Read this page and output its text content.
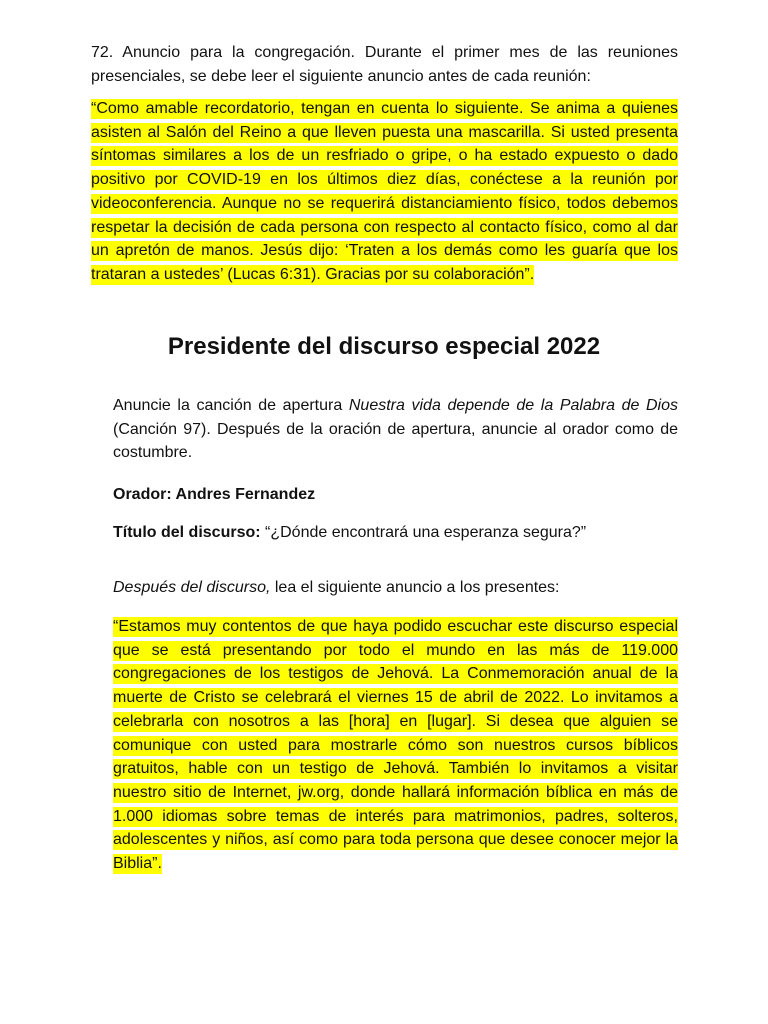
72. Anuncio para la congregación. Durante el primer mes de las reuniones presenciales, se debe leer el siguiente anuncio antes de cada reunión:

“Como amable recordatorio, tengan en cuenta lo siguiente. Se anima a quienes asisten al Salón del Reino a que lleven puesta una mascarilla. Si usted presenta síntomas similares a los de un resfriado o gripe, o ha estado expuesto o dado positivo por COVID-19 en los últimos diez días, conéctese a la reunión por videoconferencia. Aunque no se requerirá distanciamiento físico, todos debemos respetar la decisión de cada persona con respecto al contacto físico, como al dar un apretón de manos. Jesús dijo: ‘Traten a los demás como les guaría que los trataran a ustedes’ (Lucas 6:31). Gracias por su colaboración”.

Presidente del discurso especial 2022

Anuncie la canción de apertura Nuestra vida depende de la Palabra de Dios (Canción 97). Después de la oración de apertura, anuncie al orador como de costumbre.

Orador: Andres Fernandez

Título del discurso: “¿Dónde encontrará una esperanza segura?”

Después del discurso, lea el siguiente anuncio a los presentes:

“Estamos muy contentos de que haya podido escuchar este discurso especial que se está presentando por todo el mundo en las más de 119.000 congregaciones de los testigos de Jehová. La Conmemoración anual de la muerte de Cristo se celebrará el viernes 15 de abril de 2022. Lo invitamos a celebrarla con nosotros a las [hora] en [lugar]. Si desea que alguien se comunique con usted para mostrarle cómo son nuestros cursos bíblicos gratuitos, hable con un testigo de Jehová. También lo invitamos a visitar nuestro sitio de Internet, jw.org, donde hallará información bíblica en más de 1.000 idiomas sobre temas de interés para matrimonios, padres, solteros, adolescentes y niños, así como para toda persona que desee conocer mejor la Biblia”.
